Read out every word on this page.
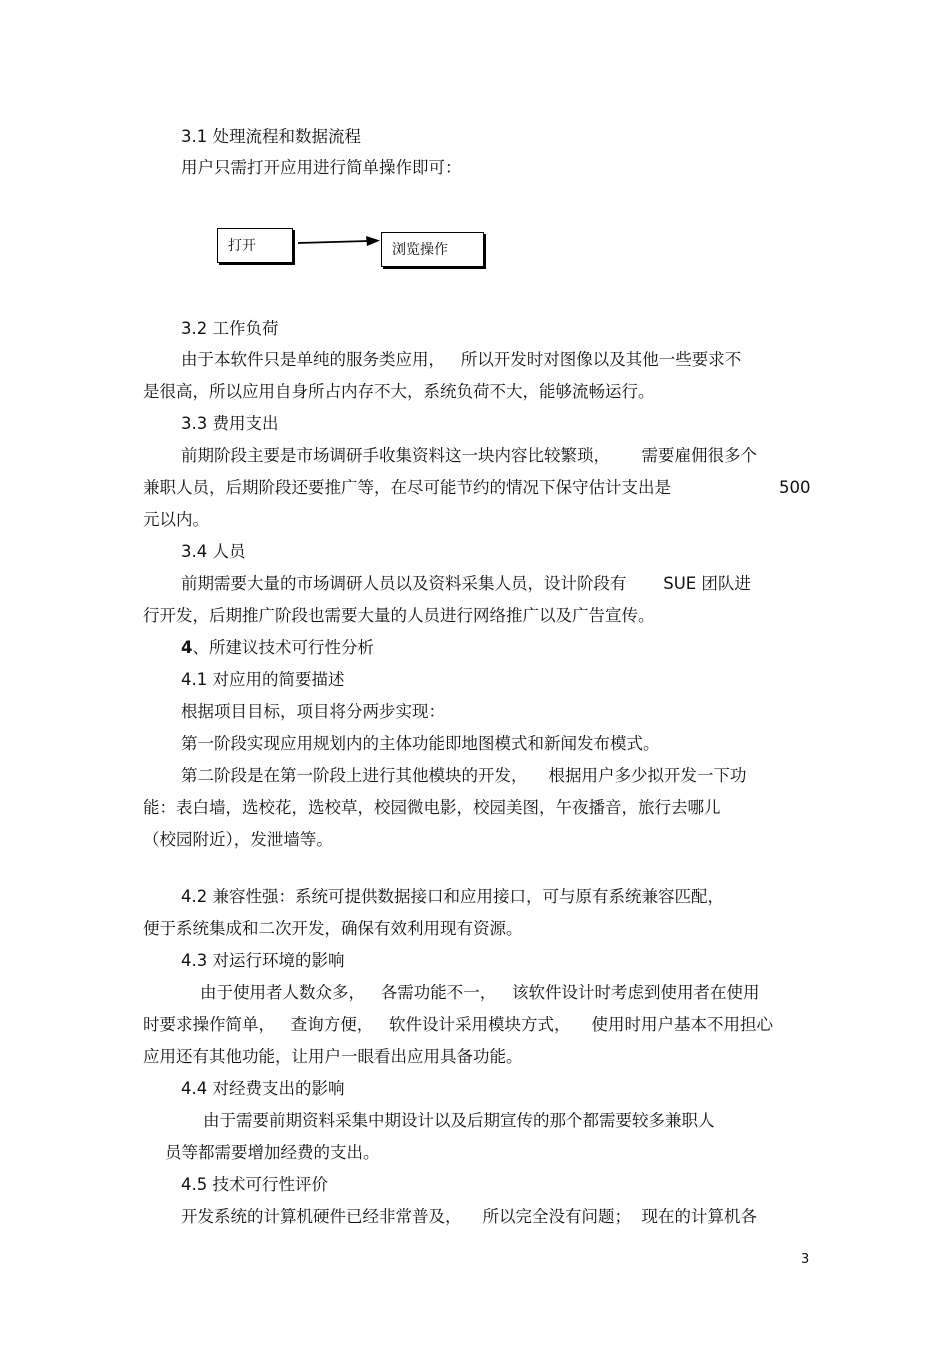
3.1 处理流程和数据流程
用户只需打开应用进行简单操作即可：
打开	浏览操作
3.2 工作负荷
由于本软件只是单纯的服务类应用，   所以开发时对图像以及其他一些要求不
是很高，所以应用自身所占内存不大，系统负荷不大，能够流畅运行。
3.3 费用支出
前期阶段主要是市场调研手收集资料这一块内容比较繁琐，      需要雇佣很多个
兼职人员，后期阶段还要推广等，在尽可能节约的情况下保守估计支出是	500
元以内。
3.4 人员
前期需要大量的市场调研人员以及资料采集人员，设计阶段有       SUE 团队进
行开发，后期推广阶段也需要大量的人员进行网络推广以及广告宣传。
4、所建议技术可行性分析
4.1 对应用的简要描述
根据项目目标，项目将分两步实现：
第一阶段实现应用规划内的主体功能即地图模式和新闻发布模式。
第二阶段是在第一阶段上进行其他模块的开发，    根据用户多少拟开发一下功
能：表白墙，选校花，选校草，校园微电影，校园美图，午夜播音，旅行去哪儿
（校园附近），发泄墙等。
4.2 兼容性强：系统可提供数据接口和应用接口，可与原有系统兼容匹配，
便于系统集成和二次开发，确保有效利用现有资源。
4.3 对运行环境的影响
由于使用者人数众多，   各需功能不一，   该软件设计时考虑到使用者在使用
时要求操作简单，   查询方便，   软件设计采用模块方式，    使用时用户基本不用担心
应用还有其他功能，让用户一眼看出应用具备功能。
4.4 对经费支出的影响
由于需要前期资料采集中期设计以及后期宣传的那个都需要较多兼职人
员等都需要增加经费的支出。
4.5 技术可行性评价
开发系统的计算机硬件已经非常普及，    所以完全没有问题；  现在的计算机各
3
